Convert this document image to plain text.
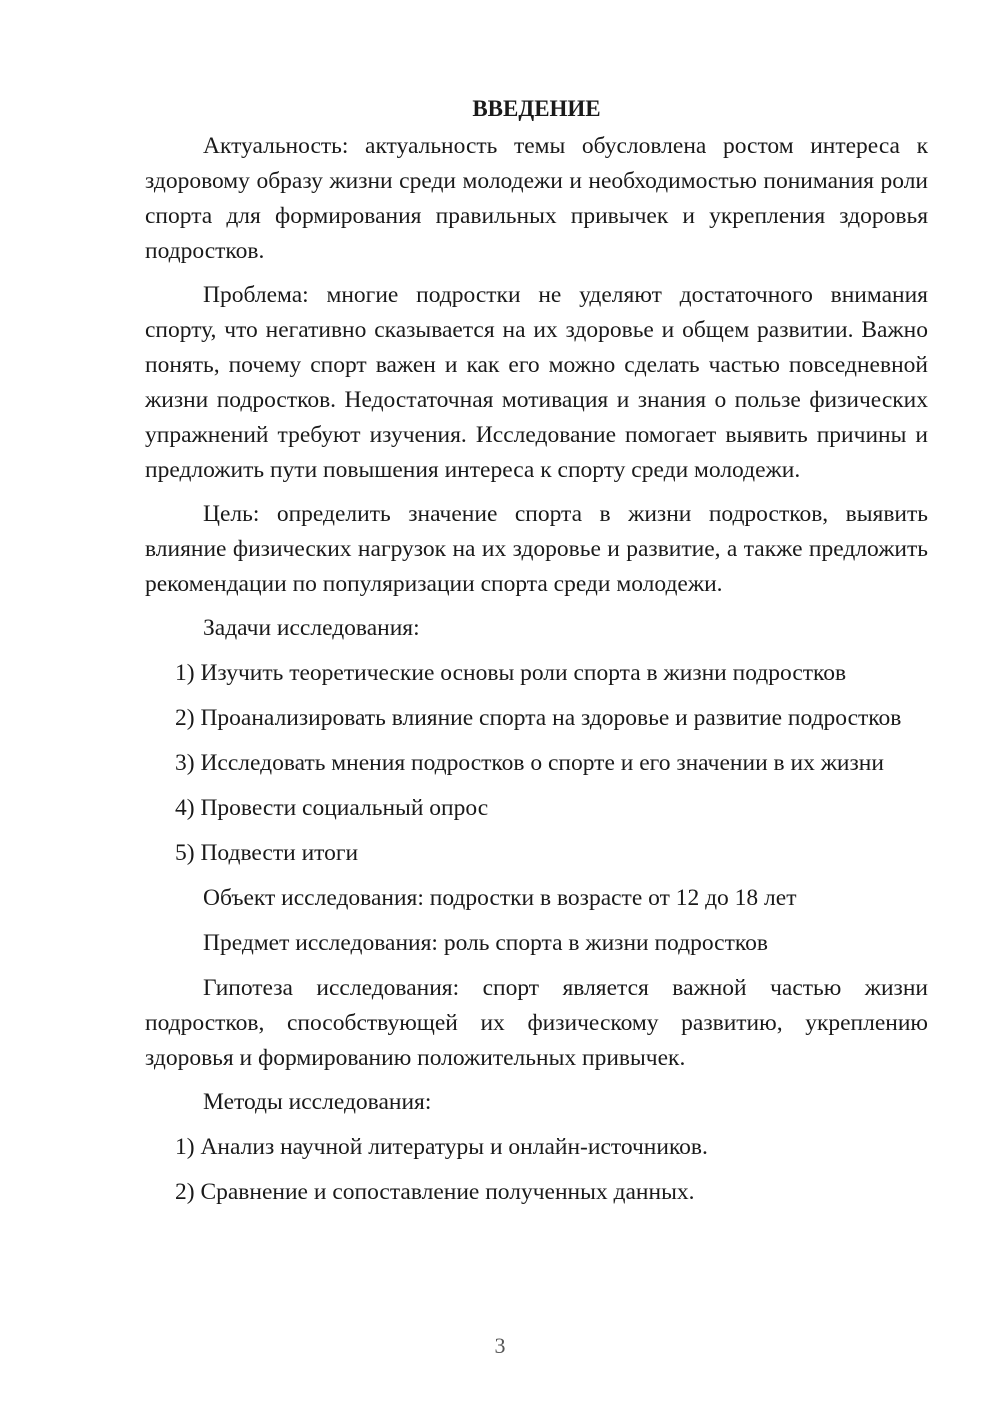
ВВЕДЕНИЕ

Актуальность: актуальность темы обусловлена ростом интереса к здоровому образу жизни среди молодежи и необходимостью понимания роли спорта для формирования правильных привычек и укрепления здоровья подростков.

Проблема: многие подростки не уделяют достаточного внимания спорту, что негативно сказывается на их здоровье и общем развитии. Важно понять, почему спорт важен и как его можно сделать частью повседневной жизни подростков. Недостаточная мотивация и знания о пользе физических упражнений требуют изучения. Исследование помогает выявить причины и предложить пути повышения интереса к спорту среди молодежи.

Цель: определить значение спорта в жизни подростков, выявить влияние физических нагрузок на их здоровье и развитие, а также предложить рекомендации по популяризации спорта среди молодежи.

Задачи исследования:

1) Изучить теоретические основы роли спорта в жизни подростков

2) Проанализировать влияние спорта на здоровье и развитие подростков

3) Исследовать мнения подростков о спорте и его значении в их жизни

4) Провести социальный опрос

5) Подвести итоги

Объект исследования: подростки в возрасте от 12 до 18 лет

Предмет исследования: роль спорта в жизни подростков

Гипотеза исследования: спорт является важной частью жизни подростков, способствующей их физическому развитию, укреплению здоровья и формированию положительных привычек.

Методы исследования:

1) Анализ научной литературы и онлайн-источников.

2) Сравнение и сопоставление полученных данных.

3
